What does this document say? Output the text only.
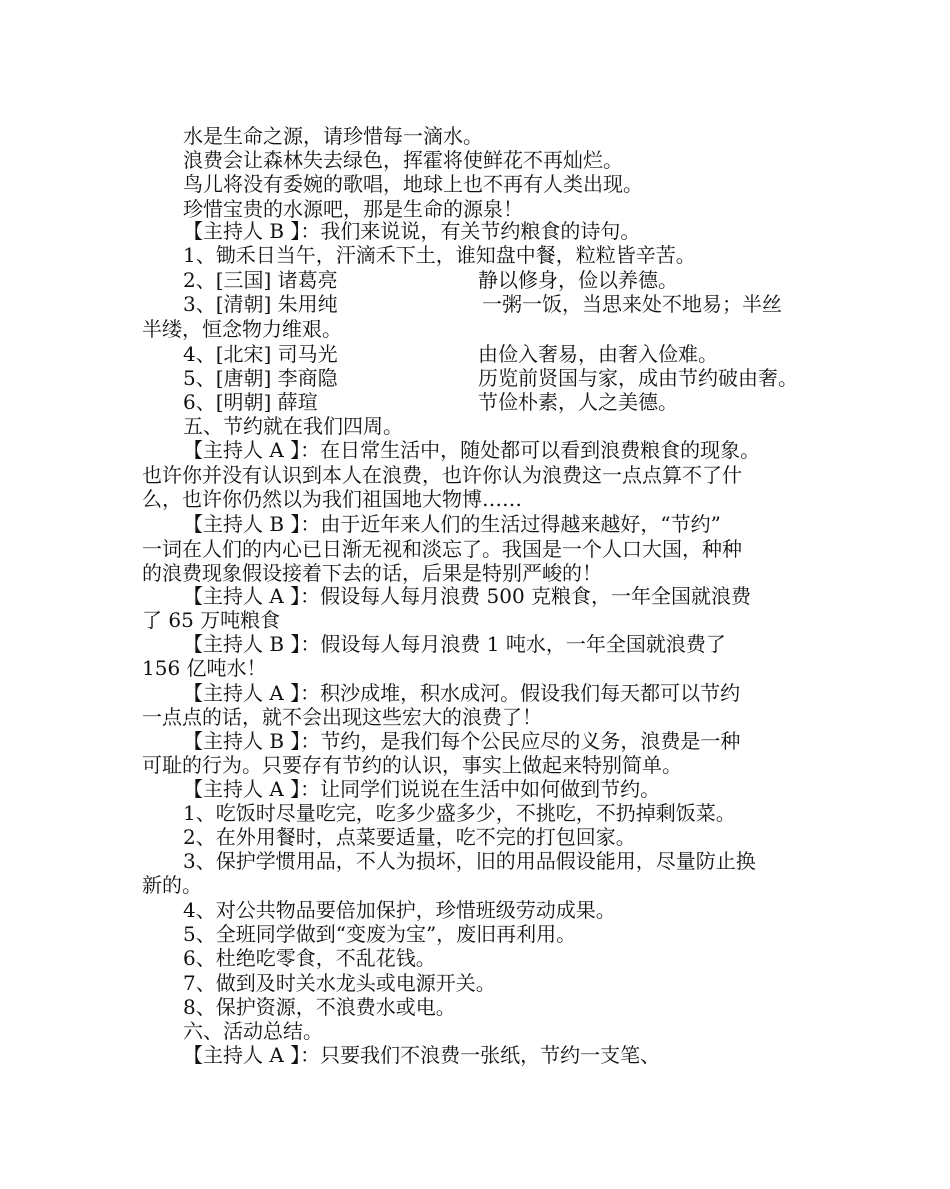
水是生命之源，请珍惜每一滴水。
浪费会让森林失去绿色，挥霍将使鲜花不再灿烂。
鸟儿将没有委婉的歌唱，地球上也不再有人类出现。
珍惜宝贵的水源吧，那是生命的源泉！
【主持人 B 】：我们来说说，有关节约粮食的诗句。
1、锄禾日当午，汗滴禾下土，谁知盘中餐，粒粒皆辛苦。
2、[三国] 诸葛亮	静以修身，俭以养德。
3、[清朝] 朱用纯	一粥一饭，当思来处不地易；半丝
半缕，恒念物力维艰。
4、[北宋] 司马光	由俭入奢易，由奢入俭难。
5、[唐朝] 李商隐	历览前贤国与家，成由节约破由奢。
6、[明朝] 薛瑄	节俭朴素，人之美德。
五、节约就在我们四周。
【主持人 A 】：在日常生活中，随处都可以看到浪费粮食的现象。
也许你并没有认识到本人在浪费，也许你认为浪费这一点点算不了什
么，也许你仍然以为我们祖国地大物博……
【主持人 B 】：由于近年来人们的生活过得越来越好，“节约”
一词在人们的内心已日渐无视和淡忘了。我国是一个人口大国，种种
的浪费现象假设接着下去的话，后果是特别严峻的！
【主持人 A 】：假设每人每月浪费 500 克粮食，一年全国就浪费
了 65 万吨粮食
【主持人 B 】：假设每人每月浪费 1 吨水，一年全国就浪费了
156 亿吨水！
【主持人 A 】：积沙成堆，积水成河。假设我们每天都可以节约
一点点的话，就不会出现这些宏大的浪费了！
【主持人 B 】：节约，是我们每个公民应尽的义务，浪费是一种
可耻的行为。只要存有节约的认识，事实上做起来特别简单。
【主持人 A 】：让同学们说说在生活中如何做到节约。
1、吃饭时尽量吃完，吃多少盛多少，不挑吃，不扔掉剩饭菜。
2、在外用餐时，点菜要适量，吃不完的打包回家。
3、保护学惯用品，不人为损坏，旧的用品假设能用，尽量防止换
新的。
4、对公共物品要倍加保护，珍惜班级劳动成果。
5、全班同学做到“变废为宝”，废旧再利用。
6、杜绝吃零食，不乱花钱。
7、做到及时关水龙头或电源开关。
8、保护资源，不浪费水或电。
六、活动总结。
【主持人 A 】：只要我们不浪费一张纸，节约一支笔、
